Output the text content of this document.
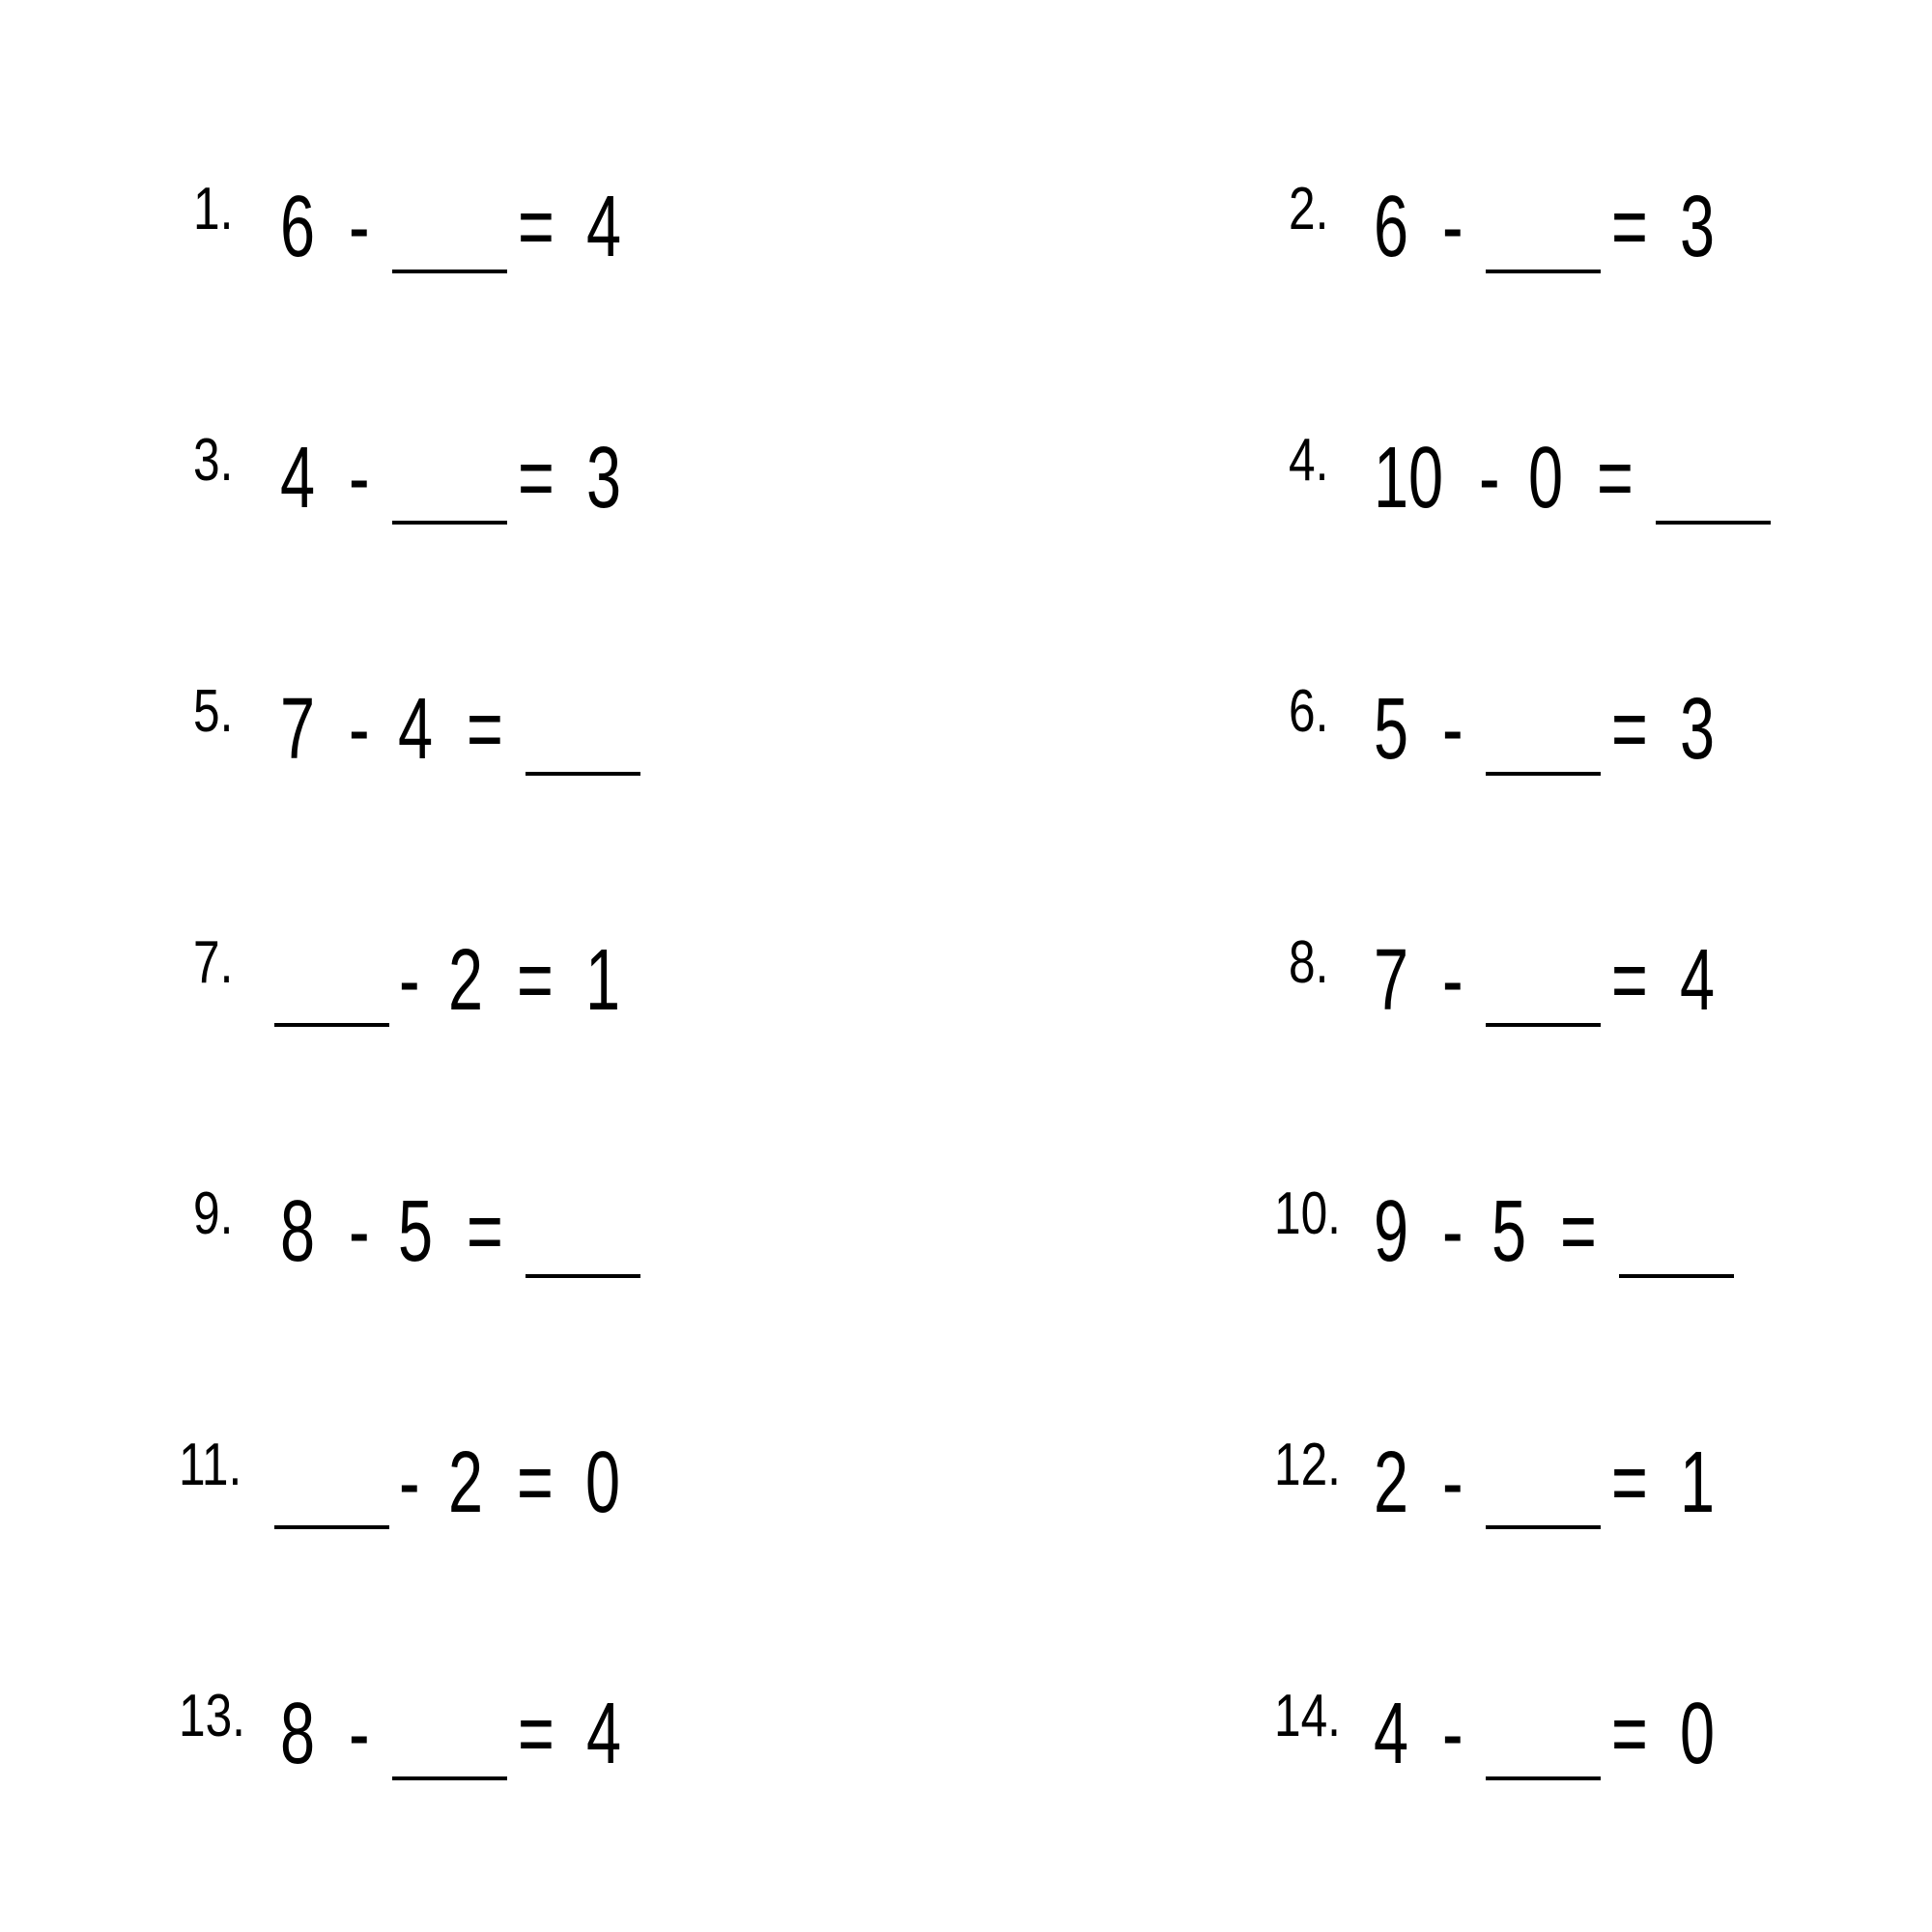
1. 6 - = 4	2. 6 - = 3
3. 4 - = 3	4. 10 - 0 =
5. 7 - 4 =	6. 5 - = 3
7. - 2 = 1	8. 7 - = 4
9. 8 - 5 =	10. 9 - 5 =
11. - 2 = 0	12. 2 - = 1
13. 8 - = 4	14. 4 - = 0
